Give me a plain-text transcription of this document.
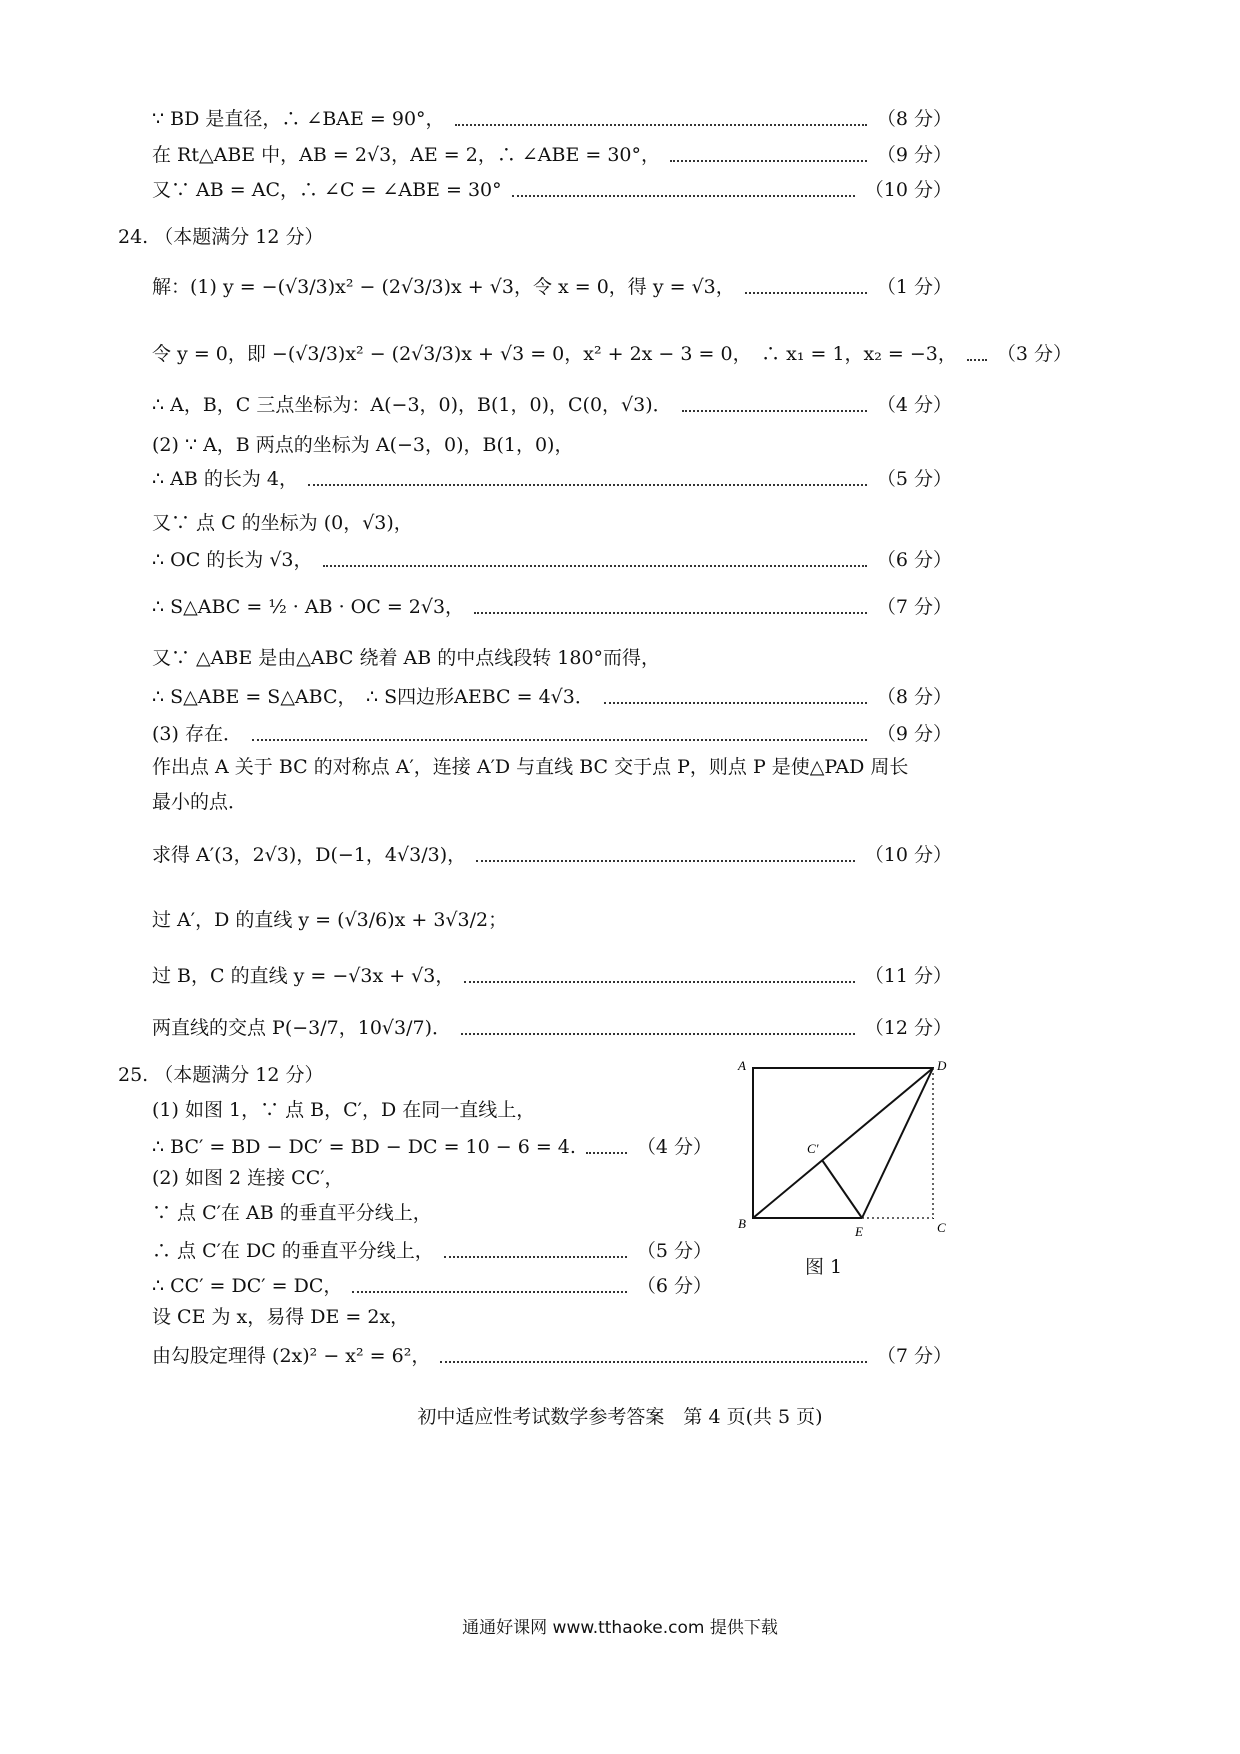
∵ BD 是直径，∴ ∠BAE = 90°，	（8 分）
在 Rt△ABE 中，AB = 2√3，AE = 2，∴ ∠ABE = 30°，	（9 分）
又∵ AB = AC，∴ ∠C = ∠ABE = 30°	（10 分）
24. （本题满分 12 分）
解：(1) y = −(√3/3)x² − (2√3/3)x + √3，令 x = 0，得 y = √3，	（1 分）
令 y = 0，即 −(√3/3)x² − (2√3/3)x + √3 = 0，x² + 2x − 3 = 0，　∴ x₁ = 1，x₂ = −3， （3 分）
∴ A，B，C 三点坐标为：A(−3，0)，B(1，0)，C(0，√3)．	（4 分）
(2) ∵ A，B 两点的坐标为 A(−3，0)，B(1，0)，
∴ AB 的长为 4，	（5 分）
又∵ 点 C 的坐标为 (0，√3)，
∴ OC 的长为 √3，	（6 分）
∴ S△ABC = ½ · AB · OC = 2√3，	（7 分）
又∵ △ABE 是由△ABC 绕着 AB 的中点线段转 180°而得，
∴ S△ABE = S△ABC，　∴ S四边形AEBC = 4√3．	（8 分）
(3) 存在．	（9 分）
作出点 A 关于 BC 的对称点 A′，连接 A′D 与直线 BC 交于点 P，则点 P 是使△PAD 周长
最小的点．
求得 A′(3，2√3)，D(−1，4√3/3)，	（10 分）
过 A′，D 的直线 y = (√3/6)x + 3√3/2；
过 B，C 的直线 y = −√3x + √3，	（11 分）
两直线的交点 P(−3/7，10√3/7)．	（12 分）
25. （本题满分 12 分）
(1) 如图 1，∵ 点 B，C′，D 在同一直线上，
∴ BC′ = BD − DC′ = BD − DC = 10 − 6 = 4.	（4 分）
(2) 如图 2 连接 CC′，
∵ 点 C′在 AB 的垂直平分线上，
∴ 点 C′在 DC 的垂直平分线上，	（5 分）
∴ CC′ = DC′ = DC，	（6 分）
设 CE 为 x，易得 DE = 2x，
由勾股定理得 (2x)² − x² = 6²，	（7 分）
A	D
B	C
E
C′
图 1
初中适应性考试数学参考答案　第 4 页(共 5 页)
通通好课网 www.tthaoke.com 提供下载
